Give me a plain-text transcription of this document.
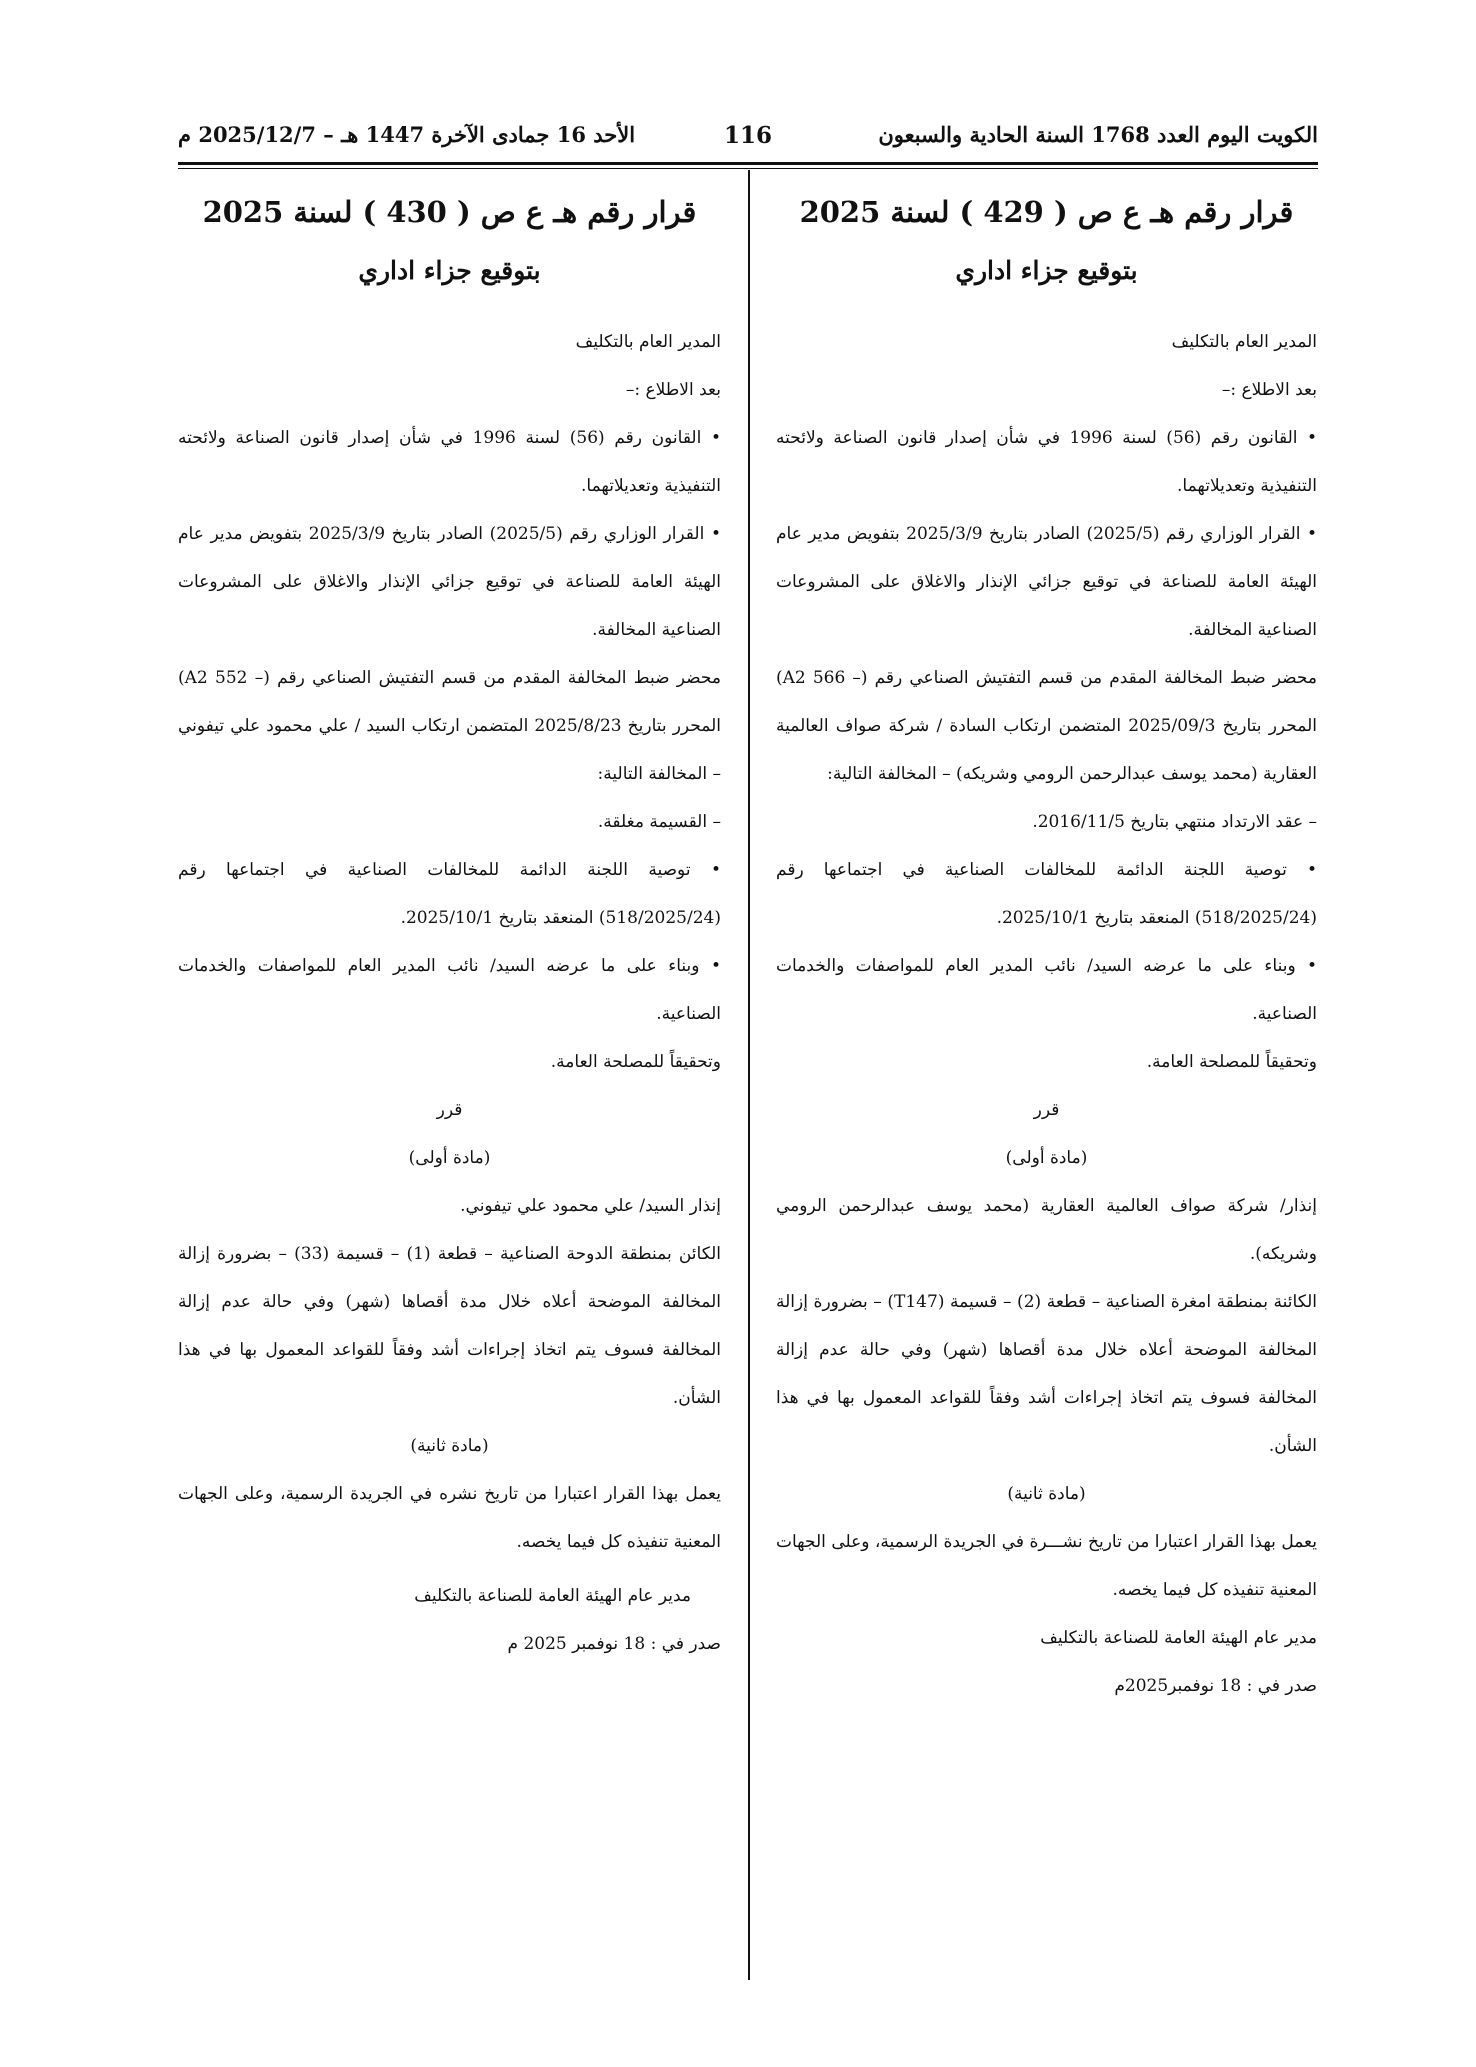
الكويت اليوم العدد 1768 السنة الحادية والسبعون
116
الأحد 16 جمادى الآخرة 1447 هـ – 2025/12/7 م
قرار رقم هـ ع ص ( 429 ) لسنة 2025
بتوقيع جزاء اداري

المدير العام بالتكليف

بعد الاطلاع :–

• القانون رقم (56) لسنة 1996 في شأن إصدار قانون الصناعة ولائحته التنفيذية وتعديلاتهما.

• القرار الوزاري رقم (2025/5) الصادر بتاريخ 2025/3/9 بتفويض مدير عام الهيئة العامة للصناعة في توقيع جزائي الإنذار والاغلاق على المشروعات الصناعية المخالفة.

محضر ضبط المخالفة المقدم من قسم التفتيش الصناعي رقم (– A2 566) المحرر بتاريخ 2025/09/3 المتضمن ارتكاب السادة / شركة صواف العالمية العقارية (محمد يوسف عبدالرحمن الرومي وشريكه) – المخالفة التالية:

– عقد الارتداد منتهي بتاريخ 2016/11/5.

• توصية اللجنة الدائمة للمخالفات الصناعية في اجتماعها رقم (518/2025/24) المنعقد بتاريخ 2025/10/1.

• وبناء على ما عرضه السيد/ نائب المدير العام للمواصفات والخدمات الصناعية.

وتحقيقاً للمصلحة العامة.

قرر

(مادة أولى)

إنذار/ شركة صواف العالمية العقارية (محمد يوسف عبدالرحمن الرومي وشريكه).

الكائنة بمنطقة امغرة الصناعية – قطعة (2) – قسيمة (T147) – بضرورة إزالة المخالفة الموضحة أعلاه خلال مدة أقصاها (شهر) وفي حالة عدم إزالة المخالفة فسوف يتم اتخاذ إجراءات أشد وفقاً للقواعد المعمول بها في هذا الشأن.

(مادة ثانية)

يعمل بهذا القرار اعتبارا من تاريخ نشـــرة في الجريدة الرسمية، وعلى الجهات المعنية تنفيذه كل فيما يخصه.

مدير عام الهيئة العامة للصناعة بالتكليف

صدر في : 18 نوفمبر2025م

قرار رقم هـ ع ص ( 430 ) لسنة 2025
بتوقيع جزاء اداري

المدير العام بالتكليف

بعد الاطلاع :–

• القانون رقم (56) لسنة 1996 في شأن إصدار قانون الصناعة ولائحته التنفيذية وتعديلاتهما.

• القرار الوزاري رقم (2025/5) الصادر بتاريخ 2025/3/9 بتفويض مدير عام الهيئة العامة للصناعة في توقيع جزائي الإنذار والاغلاق على المشروعات الصناعية المخالفة.

محضر ضبط المخالفة المقدم من قسم التفتيش الصناعي رقم (– A2 552) المحرر بتاريخ 2025/8/23 المتضمن ارتكاب السيد / علي محمود علي تيفوني – المخالفة التالية:

– القسيمة مغلقة.

• توصية اللجنة الدائمة للمخالفات الصناعية في اجتماعها رقم (518/2025/24) المنعقد بتاريخ 2025/10/1.

• وبناء على ما عرضه السيد/ نائب المدير العام للمواصفات والخدمات الصناعية.

وتحقيقاً للمصلحة العامة.

قرر

(مادة أولى)

إنذار السيد/ علي محمود علي تيفوني.

الكائن بمنطقة الدوحة الصناعية – قطعة (1) – قسيمة (33) – بضرورة إزالة المخالفة الموضحة أعلاه خلال مدة أقصاها (شهر) وفي حالة عدم إزالة المخالفة فسوف يتم اتخاذ إجراءات أشد وفقاً للقواعد المعمول بها في هذا الشأن.

(مادة ثانية)

يعمل بهذا القرار اعتبارا من تاريخ نشره في الجريدة الرسمية، وعلى الجهات المعنية تنفيذه كل فيما يخصه.

مدير عام الهيئة العامة للصناعة بالتكليف

صدر في : 18 نوفمبر 2025 م
